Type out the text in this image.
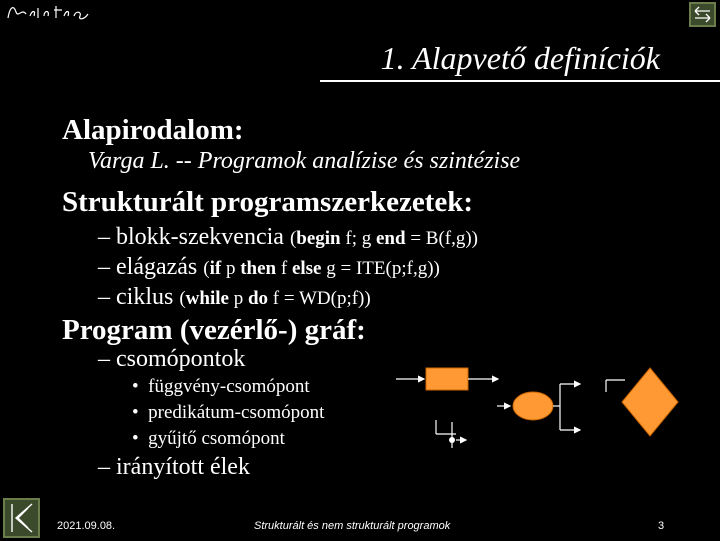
1. Alapvető definíciók
Alapirodalom:
Varga L. -- Programok analízise és szintézise
Strukturált programszerkezetek:
– blokk-szekvencia (begin f; g end = B(f,g))
– elágazás (if p then f else g = ITE(p;f,g))
– ciklus (while p do f = WD(p;f))
Program (vezérlő-) gráf:
– csomópontok
• függvény-csomópont
• predikátum-csomópont
• gyűjtő csomópont
– irányított élek
2021.09.08.	Strukturált és nem strukturált programok	3
